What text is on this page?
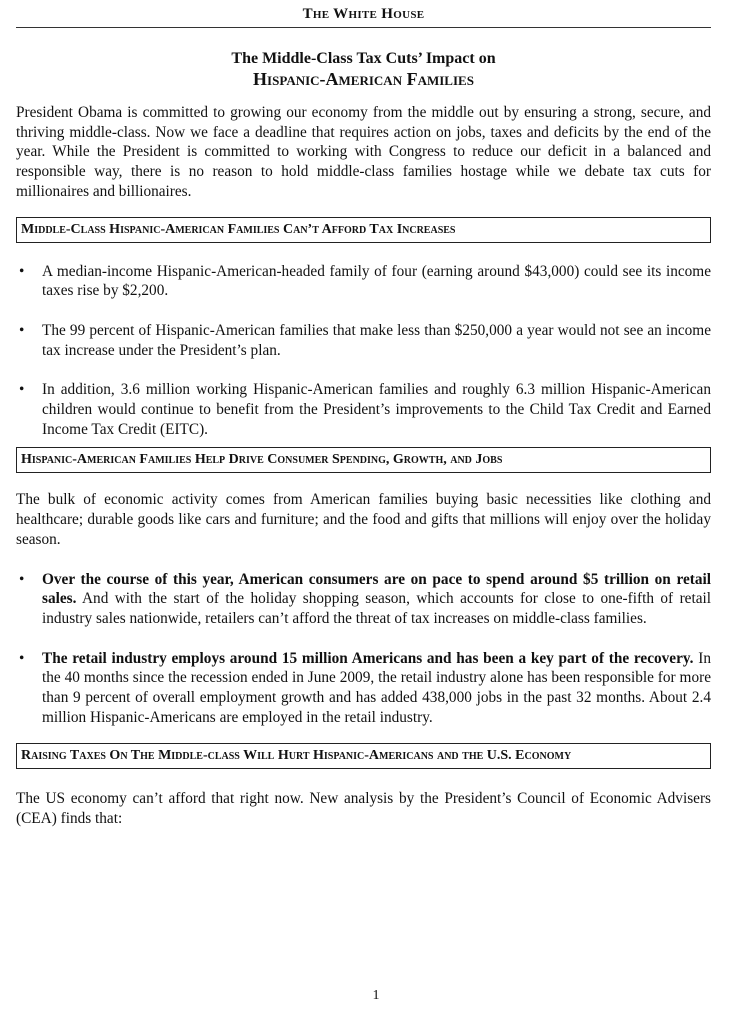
The White House
The Middle-Class Tax Cuts’ Impact on
Hispanic-American Families

President Obama is committed to growing our economy from the middle out by ensuring a strong, secure, and thriving middle-class. Now we face a deadline that requires action on jobs, taxes and deficits by the end of the year. While the President is committed to working with Congress to reduce our deficit in a balanced and responsible way, there is no reason to hold middle-class families hostage while we debate tax cuts for millionaires and billionaires.

Middle-Class Hispanic-American Families Can’t Afford Tax Increases
• A median-income Hispanic-American-headed family of four (earning around $43,000) could see its income taxes rise by $2,200.
• The 99 percent of Hispanic-American families that make less than $250,000 a year would not see an income tax increase under the President’s plan.
• In addition, 3.6 million working Hispanic-American families and roughly 6.3 million Hispanic-American children would continue to benefit from the President’s improvements to the Child Tax Credit and Earned Income Tax Credit (EITC).
Hispanic-American Families Help Drive Consumer Spending, Growth, and Jobs

The bulk of economic activity comes from American families buying basic necessities like clothing and healthcare; durable goods like cars and furniture; and the food and gifts that millions will enjoy over the holiday season.

• Over the course of this year, American consumers are on pace to spend around $5 trillion on retail sales. And with the start of the holiday shopping season, which accounts for close to one-fifth of retail industry sales nationwide, retailers can’t afford the threat of tax increases on middle-class families.
• The retail industry employs around 15 million Americans and has been a key part of the recovery. In the 40 months since the recession ended in June 2009, the retail industry alone has been responsible for more than 9 percent of overall employment growth and has added 438,000 jobs in the past 32 months. About 2.4 million Hispanic-Americans are employed in the retail industry.
Raising Taxes On The Middle-class Will Hurt Hispanic-Americans and the U.S. Economy

The US economy can’t afford that right now. New analysis by the President’s Council of Economic Advisers (CEA) finds that:

1
